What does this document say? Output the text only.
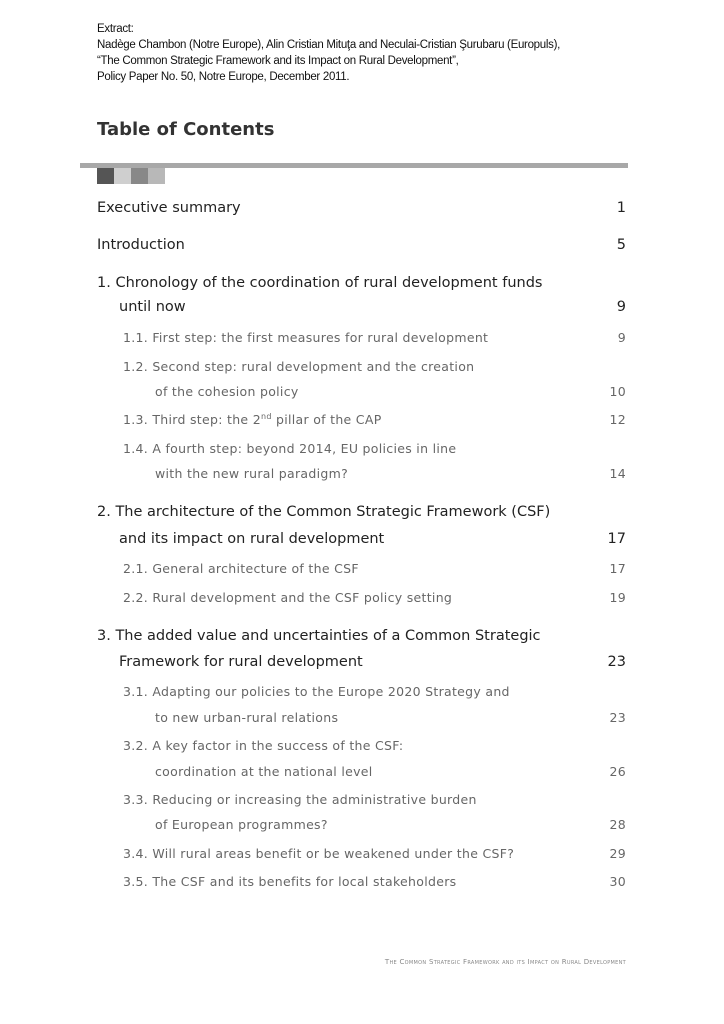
Extract:
Nadège Chambon (Notre Europe), Alin Cristian Mituţa and Neculai-Cristian Şurubaru (Europuls),
“The Common Strategic Framework and its Impact on Rural Development”,
Policy Paper No. 50, Notre Europe, December 2011.
Table of Contents
Executive summary	1
Introduction	5
1. Chronology of the coordination of rural development funds
until now	9
1.1. First step: the first measures for rural development	9
1.2. Second step: rural development and the creation
of the cohesion policy	10
1.3. Third step: the 2nd pillar of the CAP	12
1.4. A fourth step: beyond 2014, EU policies in line
with the new rural paradigm?	14
2. The architecture of the Common Strategic Framework (CSF)
and its impact on rural development	17
2.1. General architecture of the CSF	17
2.2. Rural development and the CSF policy setting	19
3. The added value and uncertainties of a Common Strategic
Framework for rural development	23
3.1. Adapting our policies to the Europe 2020 Strategy and
to new urban-rural relations	23
3.2. A key factor in the success of the CSF:
coordination at the national level	26
3.3. Reducing or increasing the administrative burden
of European programmes?	28
3.4. Will rural areas benefit or be weakened under the CSF?	29
3.5. The CSF and its benefits for local stakeholders	30
The Common Strategic Framework and its Impact on Rural Development
